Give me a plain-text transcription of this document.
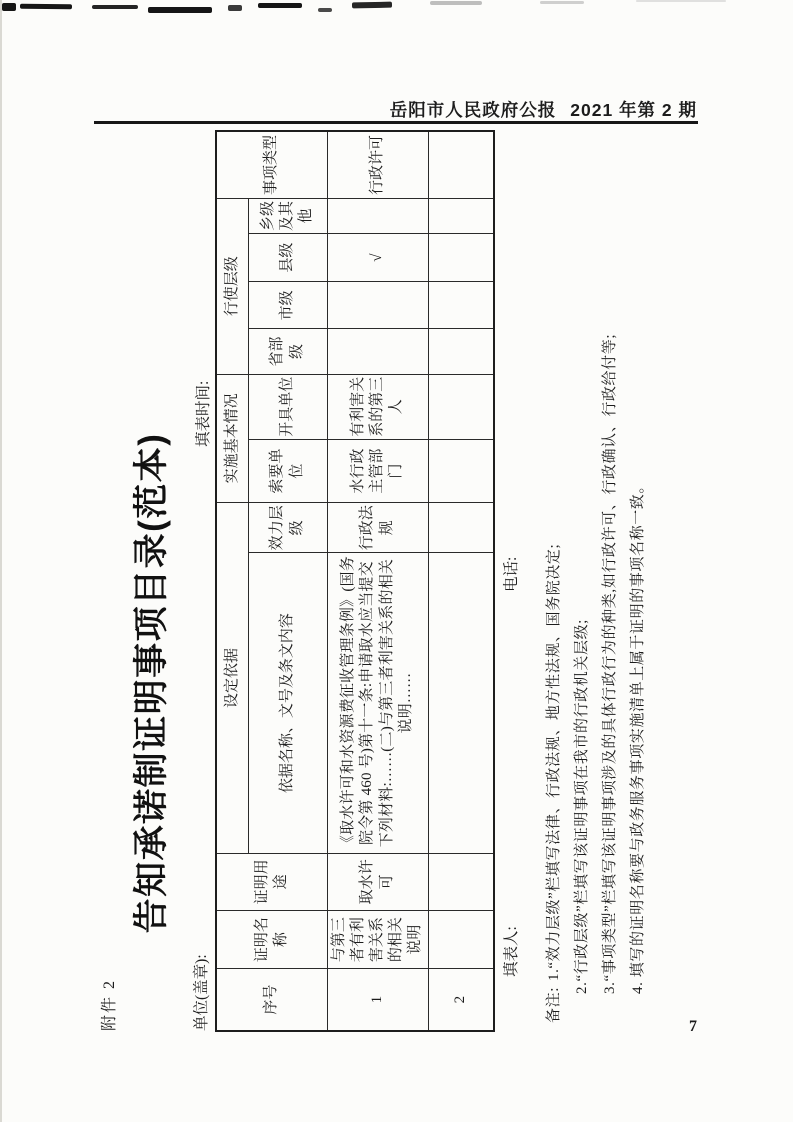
岳阳市人民政府公报 2021 年第 2 期
7
附件 2
告知承诺制证明事项目录(范本)
单位(盖章):
填表时间:
序号	证明名称	证明用途	设定依据		实施基本情况		行使层级				事项类型
			依据名称、文号及条文内容	效力层级	索要单位	开具单位	省部级	市级	县级	乡级及其他	
1	与第三者有利害关系的相关说明	取水许可	《取水许可和水资源费征收管理条例》(国务院令第 460 号)第十一条:申请取水应当提交下列材料:……(二)与第三者利害关系的相关说明……	行政法规	水行政主管部门	有利害关系的第三人			√		行政许可
2											
填表人:
电话:
备注:1.“效力层级”栏填写法律、行政法规、地方性法规、国务院决定; 2.“行政层级”栏填写该证明事项在我市的行政机关层级; 3.“事项类型”栏填写该证明事项涉及的具体行政行为的种类,如行政许可、行政确认、行政给付等; 4. 填写的证明名称要与政务服务事项实施清单上属于证明的事项名称一致。
